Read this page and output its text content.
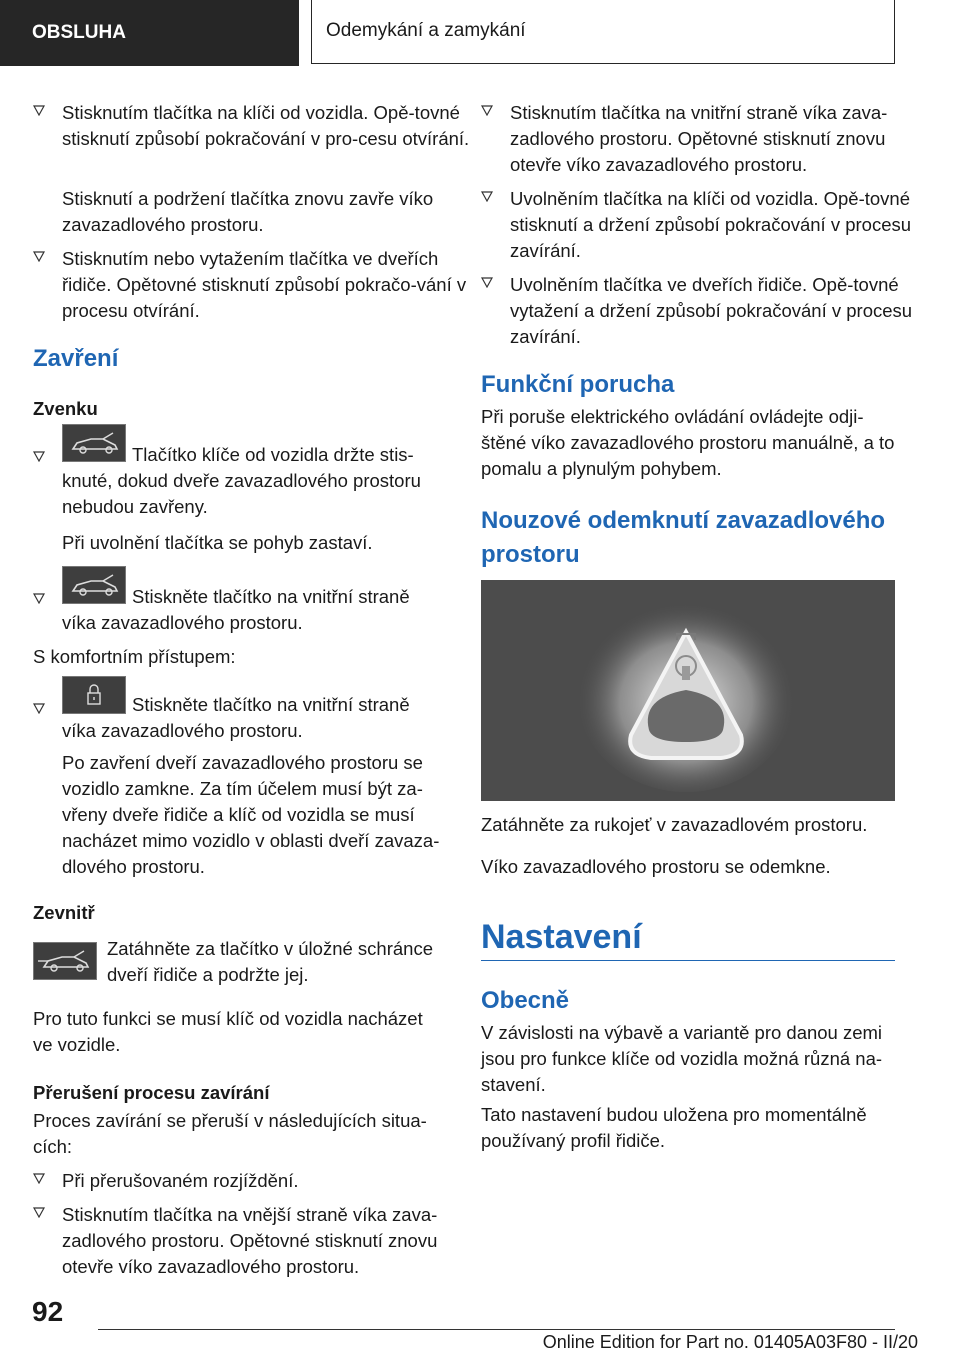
OBSLUHA	Odemykání a zamykání

Stisknutím tlačítka na klíči od vozidla. Opě-tovné stisknutí způsobí pokračování v pro-cesu otvírání.

Stisknutí a podržení tlačítka znovu zavře víko zavazadlového prostoru.

Stisknutím nebo vytažením tlačítka ve dveřích řidiče. Opětovné stisknutí způsobí pokračo-vání v procesu otvírání.

Zavření
Zvenku

Tlačítko klíče od vozidla držte stis-knuté, dokud dveře zavazadlového prostoru nebudou zavřeny.

Při uvolnění tlačítka se pohyb zastaví.

Stiskněte tlačítko na vnitřní straně víka zavazadlového prostoru.

S komfortním přístupem:

Stiskněte tlačítko na vnitřní straně víka zavazadlového prostoru.

Po zavření dveří zavazadlového prostoru se vozidlo zamkne. Za tím účelem musí být za-vřeny dveře řidiče a klíč od vozidla se musí nacházet mimo vozidlo v oblasti dveří zavaza-dlového prostoru.

Zevnitř

Zatáhněte za tlačítko v úložné schránce dveří řidiče a podržte jej.

Pro tuto funkci se musí klíč od vozidla nacházet ve vozidle.

Přerušení procesu zavírání

Proces zavírání se přeruší v následujících situa-cích:

Při přerušovaném rozjíždění.

Stisknutím tlačítka na vnější straně víka zava-zadlového prostoru. Opětovné stisknutí znovu otevře víko zavazadlového prostoru.

Stisknutím tlačítka na vnitřní straně víka zava-zadlového prostoru. Opětovné stisknutí znovu otevře víko zavazadlového prostoru.

Uvolněním tlačítka na klíči od vozidla. Opě-tovné stisknutí a držení způsobí pokračování v procesu zavírání.

Uvolněním tlačítka ve dveřích řidiče. Opě-tovné vytažení a držení způsobí pokračování v procesu zavírání.

Funkční porucha

Při poruše elektrického ovládání ovládejte odji-štěné víko zavazadlového prostoru manuálně, a to pomalu a plynulým pohybem.

Nouzové odemknutí zavazadlového prostoru

Zatáhněte za rukojeť v zavazadlovém prostoru.

Víko zavazadlového prostoru se odemkne.

Nastavení
Obecně

V závislosti na výbavě a variantě pro danou zemi jsou pro funkce klíče od vozidla možná různá na-stavení.

Tato nastavení budou uložena pro momentálně používaný profil řidiče.

92
Online Edition for Part no. 01405A03F80 - II/20
